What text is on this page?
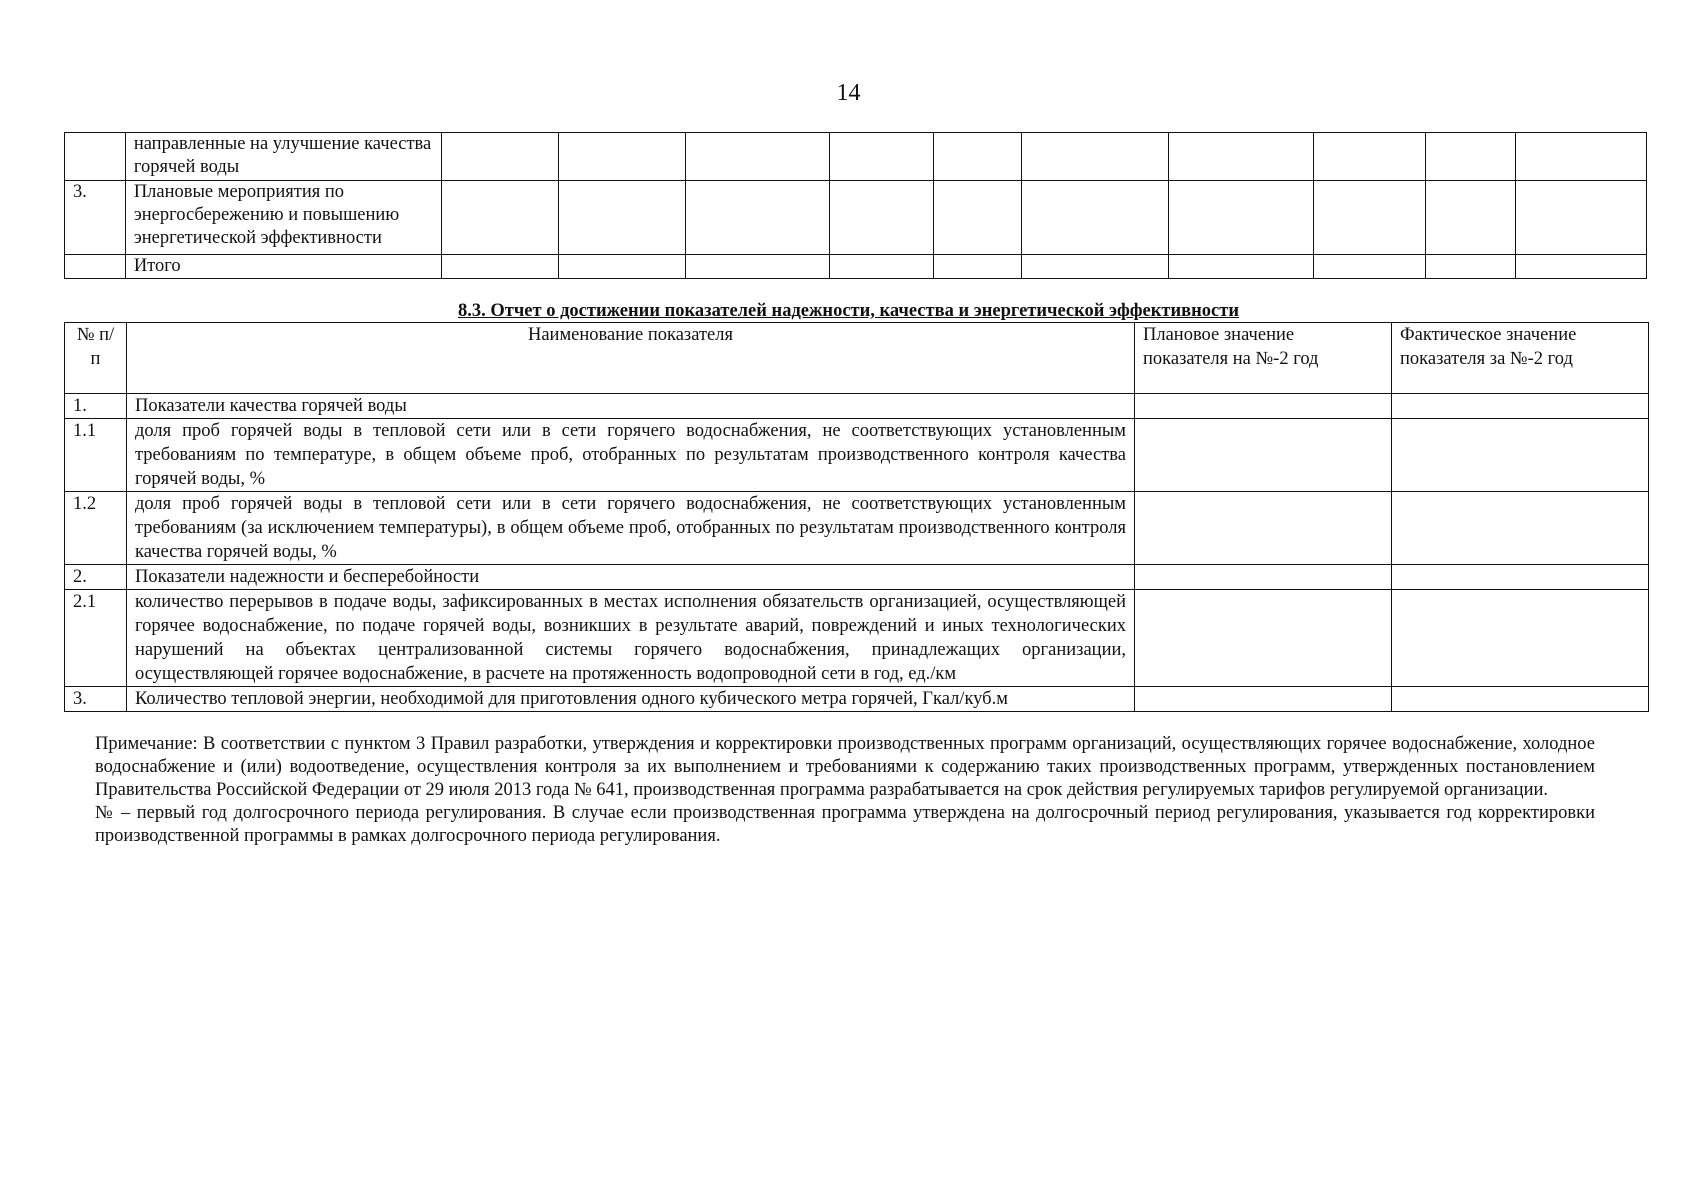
14
	направленные на улучшение качества горячей воды										
3.	Плановые мероприятия по энергосбережению и повышению энергетической эффективности										
	Итого										
8.3. Отчет о достижении показателей надежности, качества и энергетической эффективности
№ п/п	Наименование показателя	Плановое значение показателя на №-2 год	Фактическое значение показателя за №-2 год
1.	Показатели качества горячей воды		
1.1	доля проб горячей воды в тепловой сети или в сети горячего водоснабжения, не соответствующих установленным требованиям по температуре, в общем объеме проб, отобранных по результатам производственного контроля качества горячей воды, %		
1.2	доля проб горячей воды в тепловой сети или в сети горячего водоснабжения, не соответствующих установленным требованиям (за исключением температуры), в общем объеме проб, отобранных по результатам производственного контроля качества горячей воды, %		
2.	Показатели надежности и бесперебойности		
2.1	количество перерывов в подаче воды, зафиксированных в местах исполнения обязательств организацией, осуществляющей горячее водоснабжение, по подаче горячей воды, возникших в результате аварий, повреждений и иных технологических нарушений на объектах централизованной системы горячего водоснабжения, принадлежащих организации, осуществляющей горячее водоснабжение, в расчете на протяженность водопроводной сети в год, ед./км		
3.	Количество тепловой энергии, необходимой для приготовления одного кубического метра горячей, Гкал/куб.м		

Примечание: В соответствии с пунктом 3 Правил разработки, утверждения и корректировки производственных программ организаций, осуществляющих горячее водоснабжение, холодное водоснабжение и (или) водоотведение, осуществления контроля за их выполнением и требованиями к содержанию таких производственных программ, утвержденных постановлением Правительства Российской Федерации от 29 июля 2013 года № 641, производственная программа разрабатывается на срок действия регулируемых тарифов регулируемой организации.

№ – первый год долгосрочного периода регулирования. В случае если производственная программа утверждена на долгосрочный период регулирования, указывается год корректировки производственной программы в рамках долгосрочного периода регулирования.
